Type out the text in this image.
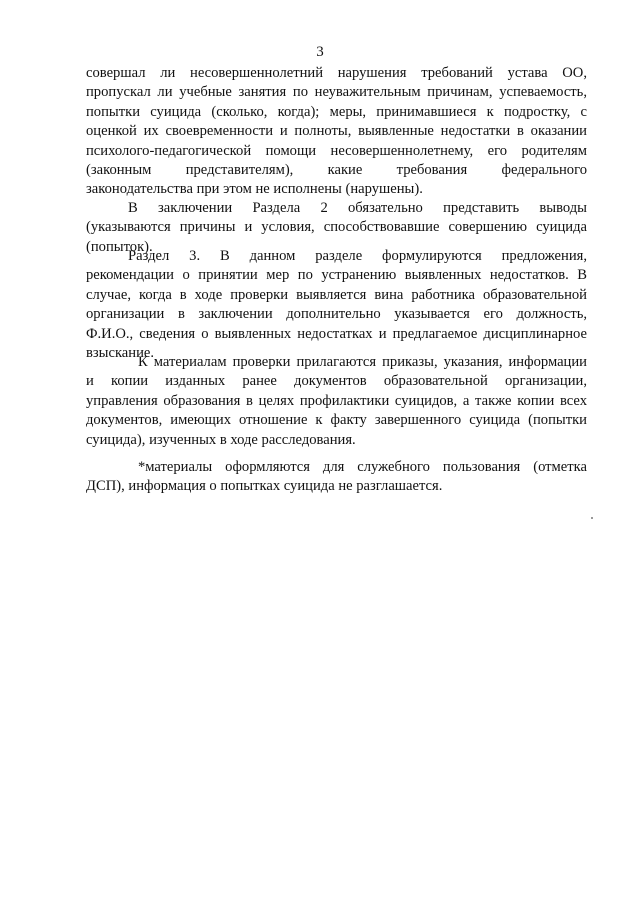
3

совершал ли несовершеннолетний нарушения требований устава ОО,
пропускал ли учебные занятия по неуважительным причинам, успеваемость,
попытки суицида (сколько, когда); меры, принимавшиеся к подростку, с
оценкой их своевременности и полноты, выявленные недостатки в оказании
психолого-педагогической помощи несовершеннолетнему, его родителям
(законным представителям), какие требования федерального
законодательства при этом не исполнены (нарушены).

В заключении Раздела 2 обязательно представить выводы
(указываются причины и условия, способствовавшие совершению суицида
(попыток).

Раздел 3. В данном разделе формулируются предложения,
рекомендации о принятии мер по устранению выявленных недостатков. В
случае, когда в ходе проверки выявляется вина работника образовательной
организации в заключении дополнительно указывается его должность,
Ф.И.О., сведения о выявленных недостатках и предлагаемое дисциплинарное
взыскание.

К материалам проверки прилагаются приказы, указания, информации
и копии изданных ранее документов образовательной организации,
управления образования в целях профилактики суицидов, а также копии всех
документов, имеющих отношение к факту завершенного суицида (попытки
суицида), изученных в ходе расследования.

*материалы оформляются для служебного пользования (отметка
ДСП), информация о попытках суицида не разглашается.
